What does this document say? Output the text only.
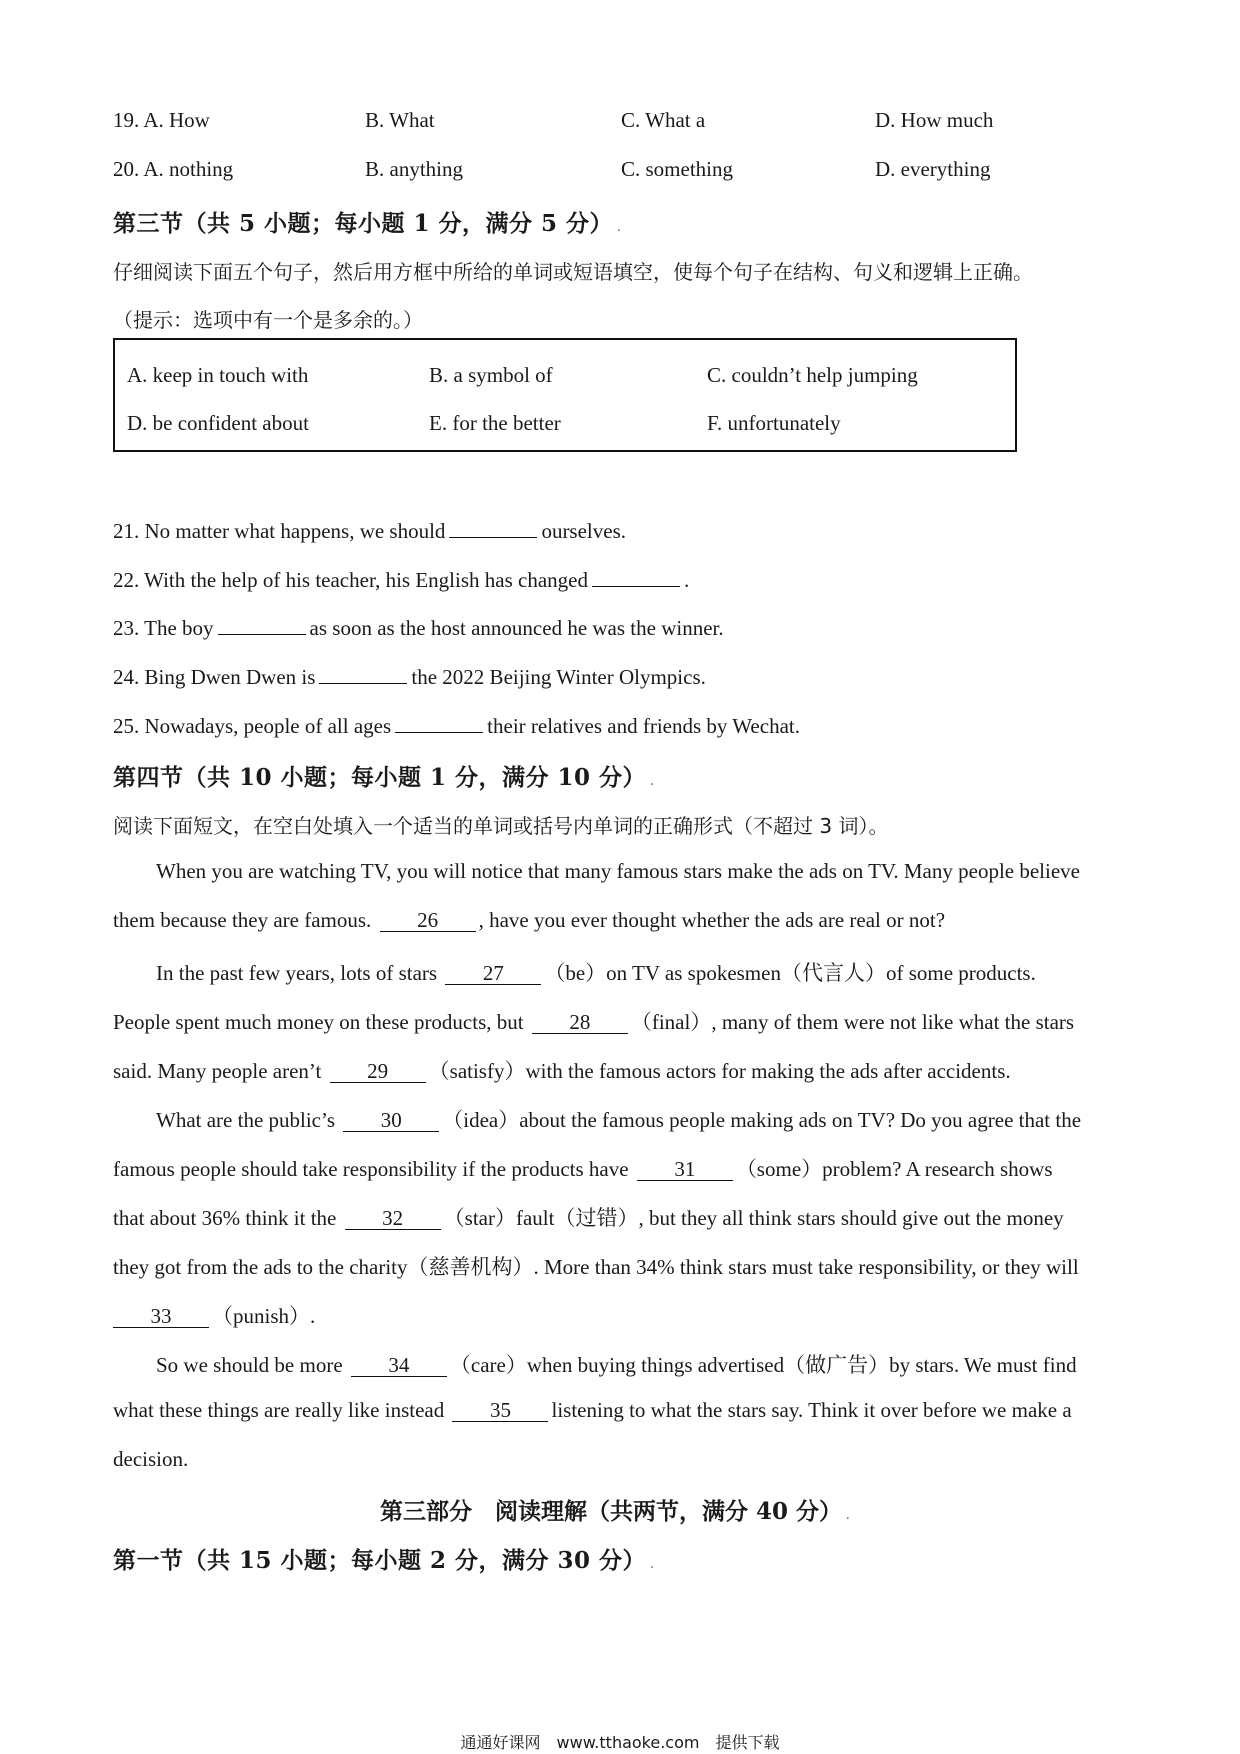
19. A. How	B. What	C. What a	D. How much
20. A. nothing	B. anything	C. something	D. everything
第三节（共 5 小题；每小题 1 分，满分 5 分） .
仔细阅读下面五个句子，然后用方框中所给的单词或短语填空，使每个句子在结构、句义和逻辑上正确。
（提示：选项中有一个是多余的。）
A. keep in touch with	B. a symbol of	C. couldn’t help jumping
D. be confident about	E. for the better	F. unfortunately
21. No matter what happens, we should	ourselves.
22. With the help of his teacher, his English has changed	.
23. The boy	as soon as the host announced he was the winner.
24. Bing Dwen Dwen is	the 2022 Beijing Winter Olympics.
25. Nowadays, people of all ages	their relatives and friends by Wechat.
第四节（共 10 小题；每小题 1 分，满分 10 分） .
阅读下面短文，在空白处填入一个适当的单词或括号内单词的正确形式（不超过 3 词）。
When you are watching TV, you will notice that many famous stars make the ads on TV. Many people believe
them because they are famous. 26 , have you ever thought whether the ads are real or not?
In the past few years, lots of stars 27 （be）on TV as spokesmen（代言人）of some products.
People spent much money on these products, but 28 （final）, many of them were not like what the stars
said. Many people aren’t 29 （satisfy）with the famous actors for making the ads after accidents.
What are the public’s 30 （idea）about the famous people making ads on TV? Do you agree that the
famous people should take responsibility if the products have 31 （some）problem? A research shows
that about 36% think it the 32 （star）fault（过错）, but they all think stars should give out the money
they got from the ads to the charity（慈善机构）. More than 34% think stars must take responsibility, or they will
33 （punish）.
So we should be more 34 （care）when buying things advertised（做广告）by stars. We must find
what these things are really like instead 35 listening to what the stars say. Think it over before we make a
decision.
第三部分　阅读理解（共两节，满分 40 分） .
第一节（共 15 小题；每小题 2 分，满分 30 分） .
通通好课网　www.tthaoke.com　提供下载
